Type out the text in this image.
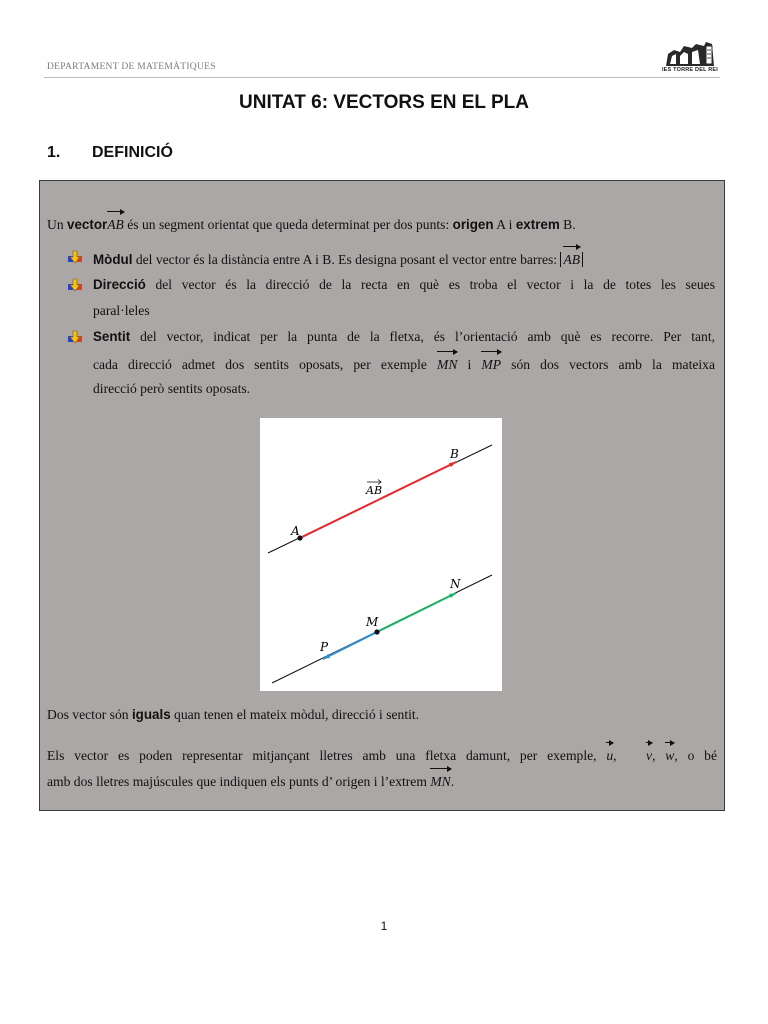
DEPARTAMENT DE MATEMÀTIQUES	IES TORRE DEL REI
UNITAT 6: VECTORS EN EL PLA
1. DEFINICIÓ
Un vectorAB és un segment orientat que queda determinat per dos punts: origen A i extrem B.
Mòdul del vector és la distància entre A i B. Es designa posant el vector entre barres: AB
Direcció del vector és la direcció de la recta en què es troba el vector i la de totes les seues
paral·leles
Sentit del vector, indicat per la punta de la fletxa, és l’orientació amb què es recorre. Per tant,
cada direcció admet dos sentits oposats, per exemple MN i MP són dos vectors amb la mateixa
direcció però sentits oposats.
A
B
AB
M
N
P
Dos vector són iguals quan tenen el mateix mòdul, direcció i sentit.
Els vector es poden representar mitjançant lletres amb una fletxa damunt, per exemple, u,   v, w, o bé
amb dos lletres majúscules que indiquen els punts d’ origen i l’extrem MN.
1
